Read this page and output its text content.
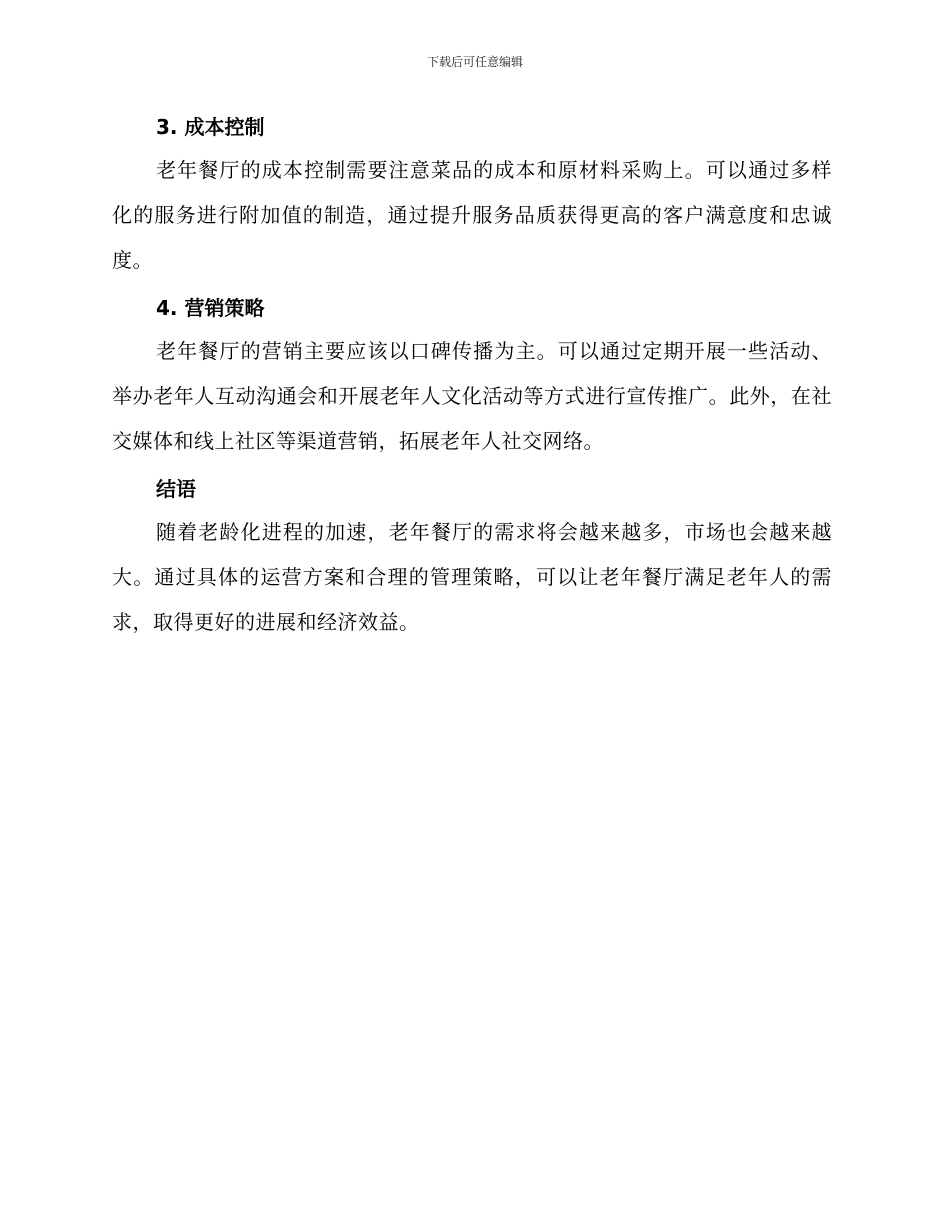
下载后可任意编辑
3. 成本控制

老年餐厅的成本控制需要注意菜品的成本和原材料采购上。可以通过多样化的服务进行附加值的制造，通过提升服务品质获得更高的客户满意度和忠诚度。

4. 营销策略

老年餐厅的营销主要应该以口碑传播为主。可以通过定期开展一些活动、举办老年人互动沟通会和开展老年人文化活动等方式进行宣传推广。此外，在社交媒体和线上社区等渠道营销，拓展老年人社交网络。

结语

随着老龄化进程的加速，老年餐厅的需求将会越来越多，市场也会越来越大。通过具体的运营方案和合理的管理策略，可以让老年餐厅满足老年人的需求，取得更好的进展和经济效益。
